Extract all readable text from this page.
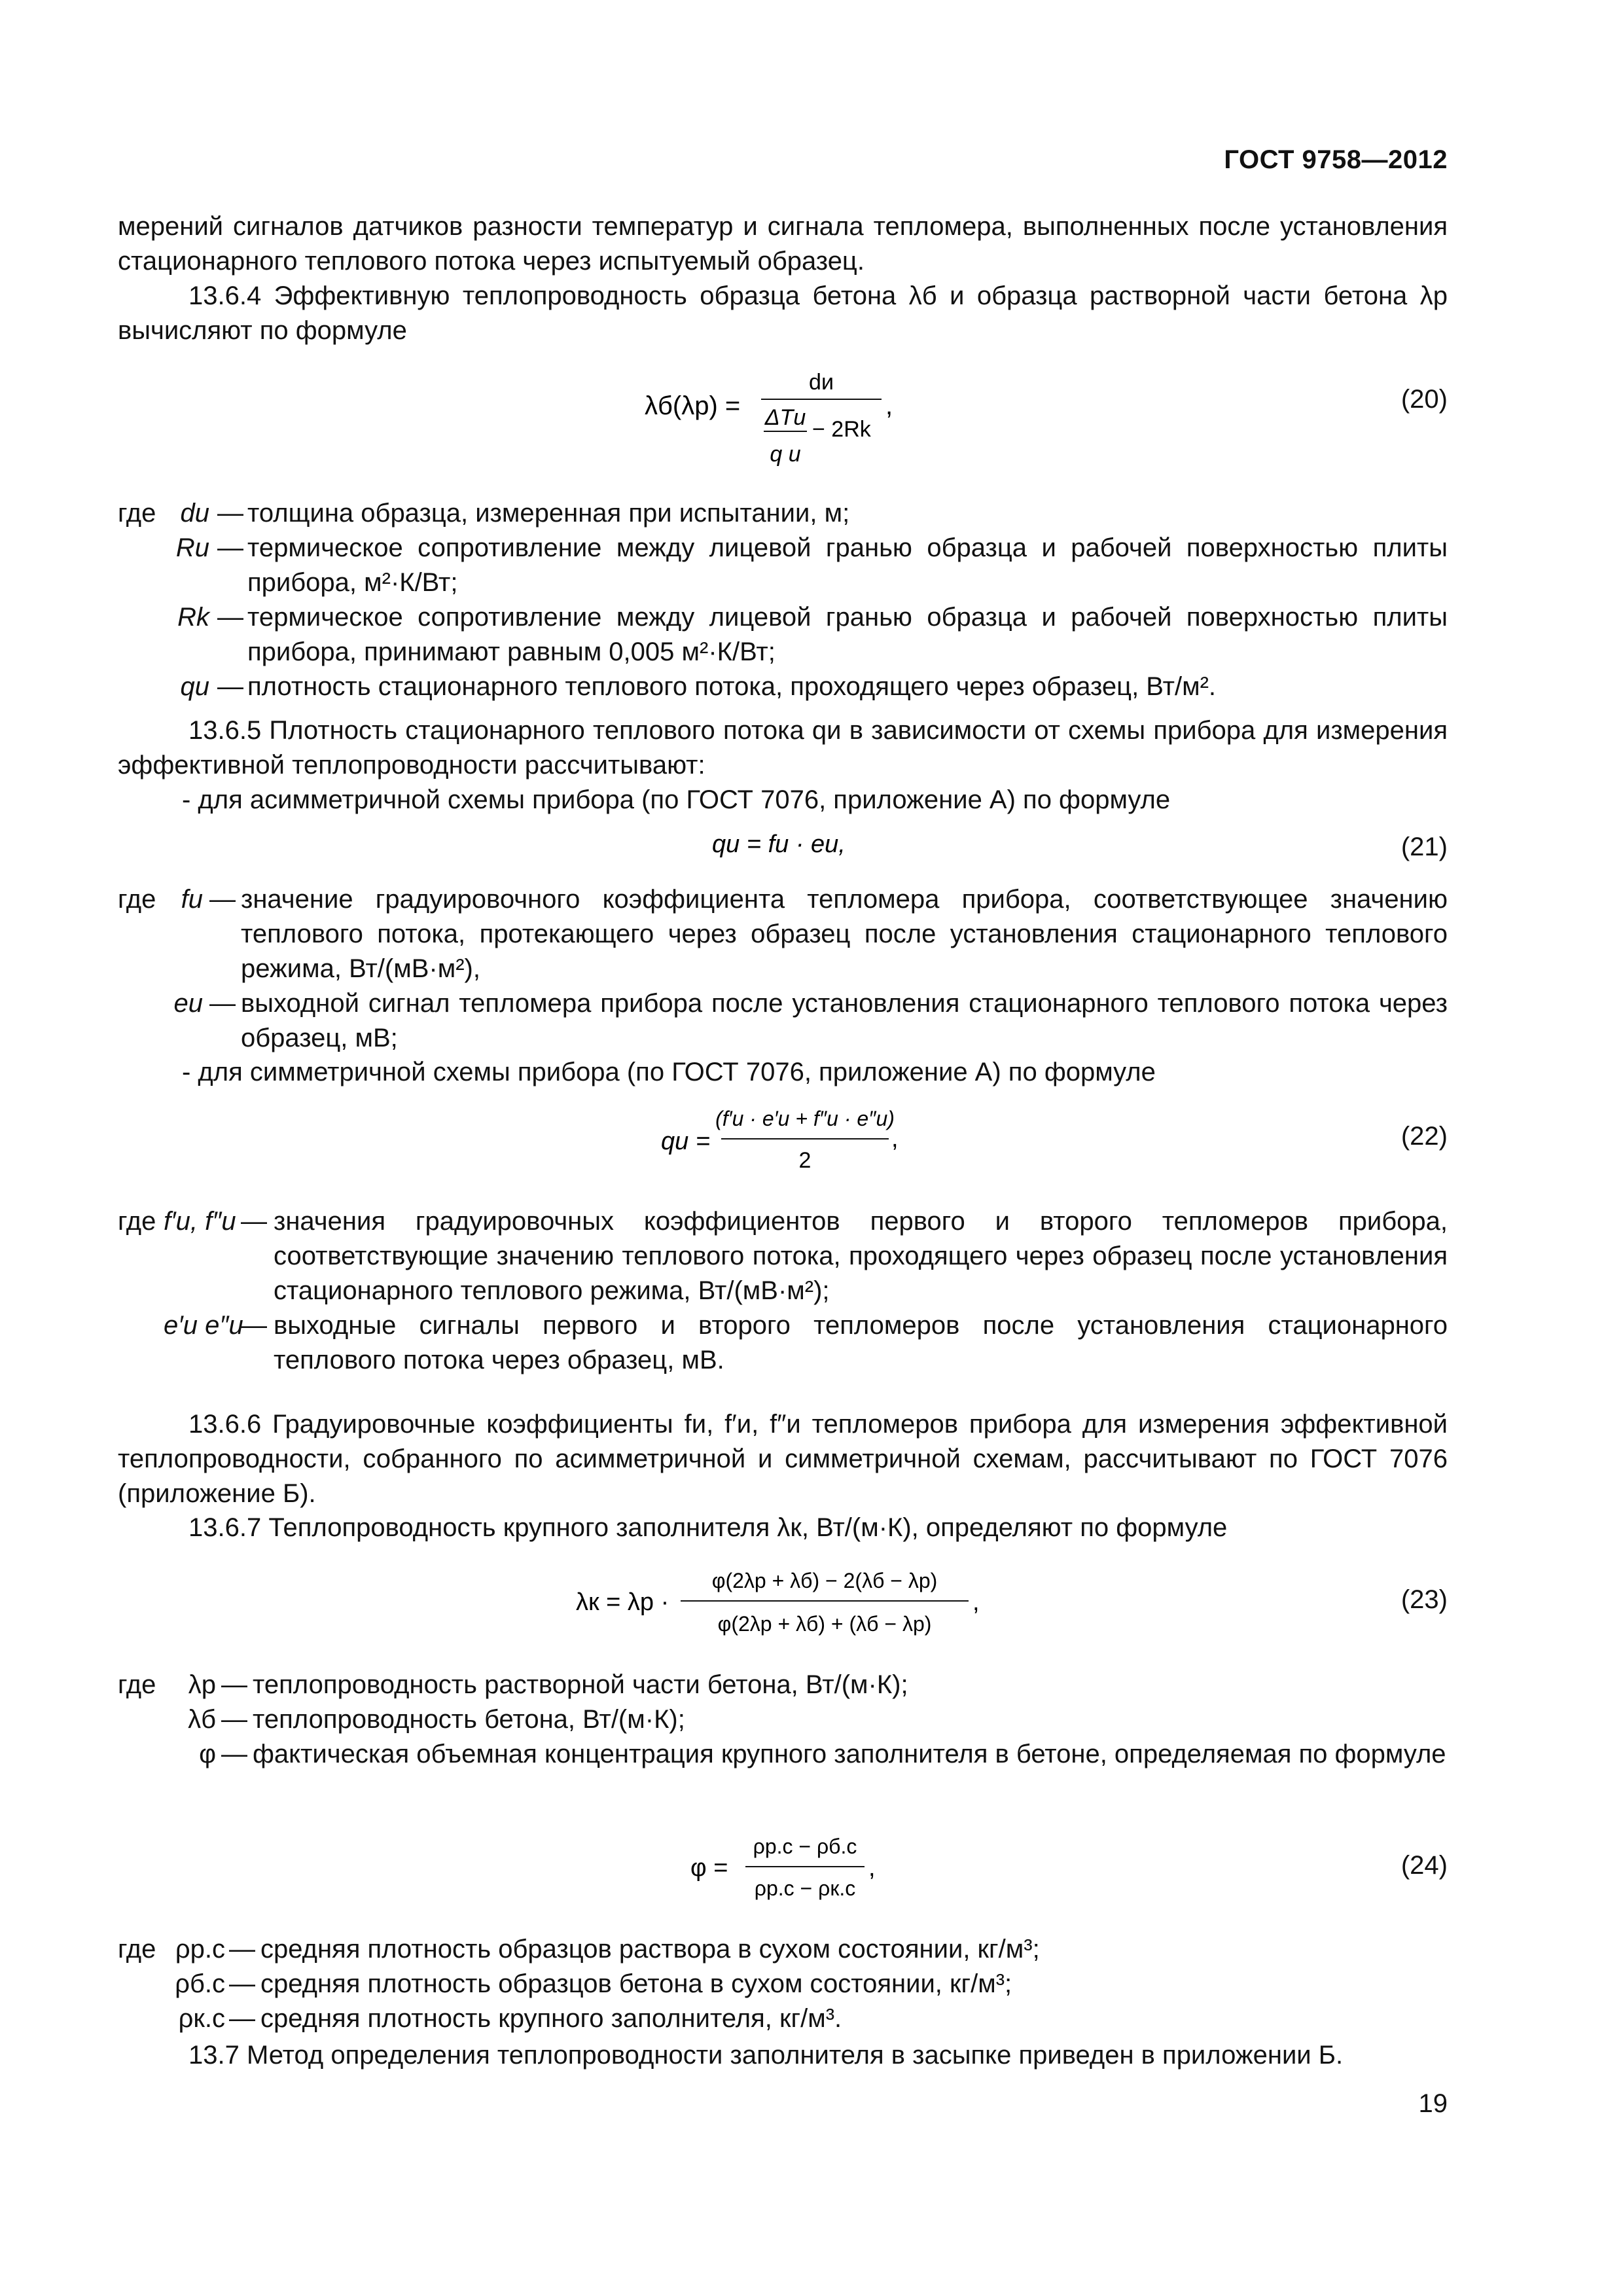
ГОСТ 9758—2012
мерений сигналов датчиков разности температур и сигнала тепломера, выполненных после установления стационарного теплового потока через испытуемый образец.
13.6.4 Эффективную теплопроводность образца бетона λб и образца растворной части бетона λр вычисляют по формуле
λб(λр) =
dи
ΔTи
q и
− 2Rk
,	(20)
где dи — толщина образца, измеренная при испытании, м;
Rи — термическое сопротивление между лицевой гранью образца и рабочей поверхностью плиты прибора, м²·К/Вт;
Rk — термическое сопротивление между лицевой гранью образца и рабочей поверхностью плиты прибора, принимают равным 0,005 м²·К/Вт;
qи — плотность стационарного теплового потока, проходящего через образец, Вт/м².
13.6.5 Плотность стационарного теплового потока qи в зависимости от схемы прибора для измерения эффективной теплопроводности рассчитывают:
- для асимметричной схемы прибора (по ГОСТ 7076, приложение А) по формуле
qи = fи · eи,	(21)
где fи — значение градуировочного коэффициента тепломера прибора, соответствующее значению теплового потока, протекающего через образец после установления стационарного теплового режима, Вт/(мВ·м²),
eи — выходной сигнал тепломера прибора после установления стационарного теплового потока через образец, мВ;
- для симметричной схемы прибора (по ГОСТ 7076, приложение А) по формуле
qи =
(f′и · e′и + f″и · e″и)
2
,	(22)
где f′и, f″и — значения градуировочных коэффициентов первого и второго тепломеров прибора, соответствующие значению теплового потока, проходящего через образец после установления стационарного теплового режима, Вт/(мВ·м²);
e′и e″и
— выходные сигналы первого и второго тепломеров после установления стационарного теплового потока через образец, мВ.
13.6.6 Градуировочные коэффициенты fи, f′и, f″и тепломеров прибора для измерения эффективной теплопроводности, собранного по асимметричной и симметричной схемам, рассчитывают по ГОСТ 7076 (приложение Б).
13.6.7 Теплопроводность крупного заполнителя λк, Вт/(м·К), определяют по формуле
λк = λр ·
φ(2λр + λб) − 2(λб − λр)
φ(2λр + λб) + (λб − λр)
,	(23)
где	λр — теплопроводность растворной части бетона, Вт/(м·К);
λб — теплопроводность бетона, Вт/(м·К);
φ — фактическая объемная концентрация крупного заполнителя в бетоне, определяемая по формуле
φ =
ρр.с − ρб.с
ρр.с − ρк.с
,	(24)
где ρр.с — средняя плотность образцов раствора в сухом состоянии, кг/м³;
ρб.с — средняя плотность образцов бетона в сухом состоянии, кг/м³;
ρк.с — средняя плотность крупного заполнителя, кг/м³.
13.7 Метод определения теплопроводности заполнителя в засыпке приведен в приложении Б.
19
